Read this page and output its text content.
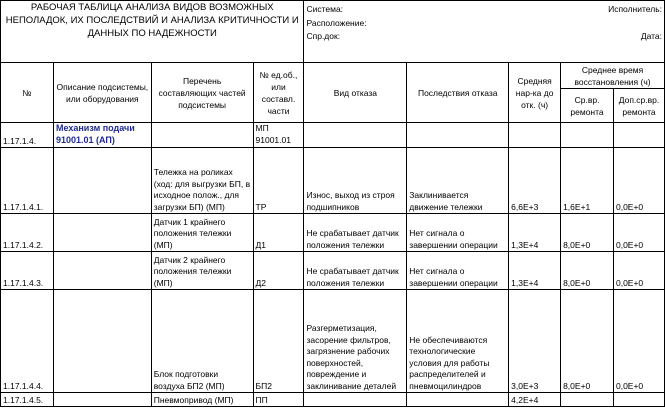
РАБОЧАЯ ТАБЛИЦА АНАЛИЗА ВИДОВ ВОЗМОЖНЫХ НЕПОЛАДОК, ИХ ПОСЛЕДСТВИЙ И АНАЛИЗА КРИТИЧНОСТИ И ДАННЫХ ПО НАДЕЖНОСТИ				Система: Исполнитель:
Расположение:
Спр.док: Дата:				

№	Описание подсистемы, или оборудования	Перечень составляющих частей подсистемы	№ ед.об., или составл. части	Вид отказа	Последствия отказа	Средняя нар-ка до отк. (ч)	Среднее время восстановления (ч)	
							Ср.вр. ремонта	Доп.ср.вр. ремонта
1.17.1.4.	Механизм подачи 91001.01 (АП)		МП 91001.01					
1.17.1.4.1.		Тележка на роликах (ход: для выгрузки БП, в исходное полож., для загрузки БП) (МП)	ТР	Износ, выход из строя подшипников	Заклинивается движение тележки	6,6E+3	1,6E+1	0,0E+0
1.17.1.4.2.		Датчик 1 крайнего положения тележки (МП)	Д1	Не срабатывает датчик положения тележки	Нет сигнала о завершении операции	1,3E+4	8,0E+0	0,0E+0
1.17.1.4.3.		Датчик 2 крайнего положения тележки (МП)	Д2	Не срабатывает датчик положения тележки	Нет сигнала о завершении операции	1,3E+4	8,0E+0	0,0E+0
1.17.1.4.4.		Блок подготовки воздуха БП2 (МП)	БП2	Разгерметизация, засорение фильтров, загрязнение рабочих поверхностей, повреждение и заклинивание деталей	Не обеспечиваются технологические условия для работы распределителей и пневмоцилиндров	3,0E+3	8,0E+0	0,0E+0
1.17.1.4.5.		Пневмопривод (МП)	ПП			4,2E+4		
